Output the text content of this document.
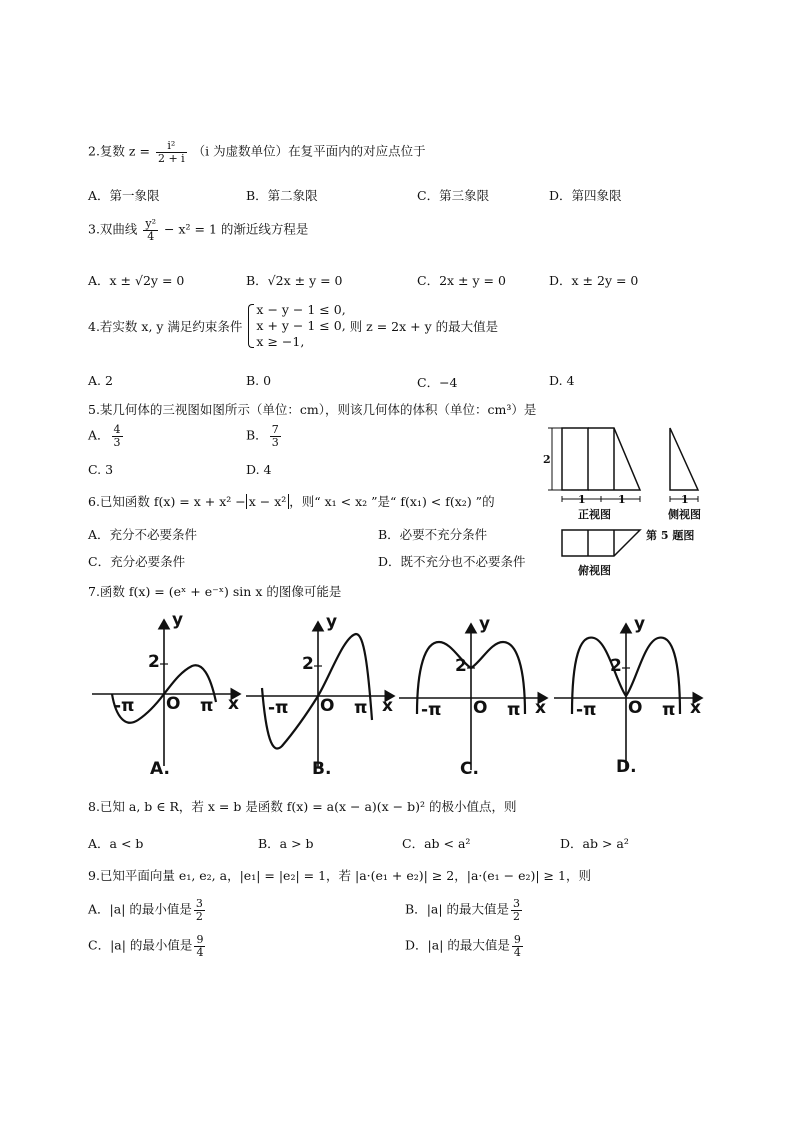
2.复数 $z = \frac{\text{i²}}{2 + i} (i$ 为虚数单位）在复平面内的对应点位于
A．第一象限	B．第二象限	C．第三象限	D．第四象限
3.双曲线 $\frac{\text{y²}}{4} - x^2 = 1$ 的渐近线方程是
A．x ± √2y = 0	B．√2x ± y = 0	C．2x ± y = 0	D．x ± 2y = 0
4.若实数 x, y 满足约束条件
x − y − 1 ≤ 0,
x + y − 1 ≤ 0,
x ≥ −1,
则 z = 2x + y 的最大值是
A. 2	B. 0	C．−4	D. 4
5.某几何体的三视图如图所示（单位：cm），则该几何体的体积（单位：cm³）是
A． $\frac{4}{3}$	B． $\frac{7}{3}$
C. 3	D. 4
2
1	1	1
正视图	侧视图
第 5 题图
俯视图
6.已知函数 f(x) = x + x² − x − x² ，则“ x₁ < x₂ ”是“ f(x₁) < f(x₂) ”的
A．充分不必要条件	B．必要不充分条件
C．充分必要条件	D．既不充分也不必要条件
7.函数 f(x) = (eˣ + e⁻ˣ) sin x 的图像可能是
y
2
-π O π x
A.
y
2
-π O π x
B.
y
2
-π O π x
C.
y
2
-π O π x
D.
8.已知 a, b ∈ R，若 x = b 是函数 f(x) = a(x − a)(x − b)² 的极小值点，则
A．a < b	B．a > b	C．ab < a²	D．ab > a²
9.已知平面向量 e₁, e₂, a，|e₁| = |e₂| = 1，若 |a·(e₁ + e₂)| ≥ 2，|a·(e₁ − e₂)| ≥ 1，则
A．|a| 的最小值是 $\frac{3}{2}$	B．|a| 的最大值是 $\frac{3}{2}$
C．|a| 的最小值是 $\frac{9}{4}$	D．|a| 的最大值是 $\frac{9}{4}$
